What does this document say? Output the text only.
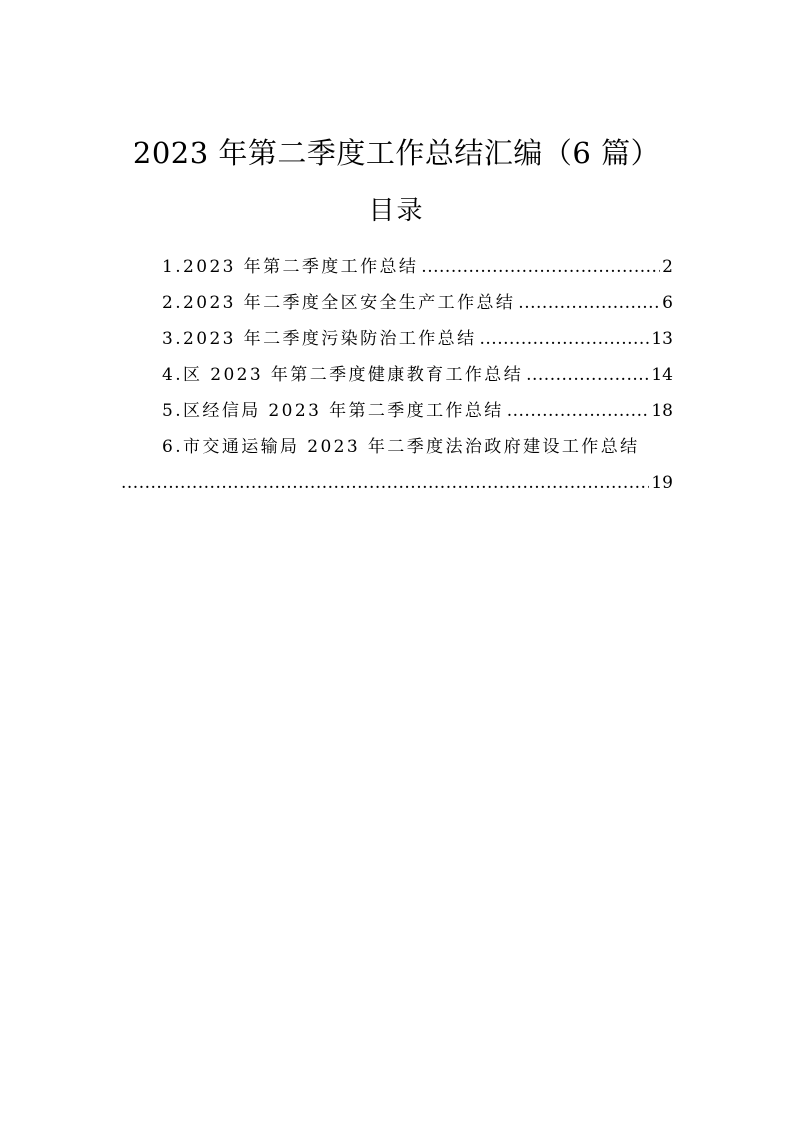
2023 年第二季度工作总结汇编（6 篇）
目录
1.2023 年第二季度工作总结 .....	2
2.2023 年二季度全区安全生产工作总结 .....	6
3.2023 年二季度污染防治工作总结 .....	13
4.区 2023 年第二季度健康教育工作总结 .....	14
5.区经信局 2023 年第二季度工作总结 .....	18
6.市交通运输局 2023 年二季度法治政府建设工作总结
.....
19
